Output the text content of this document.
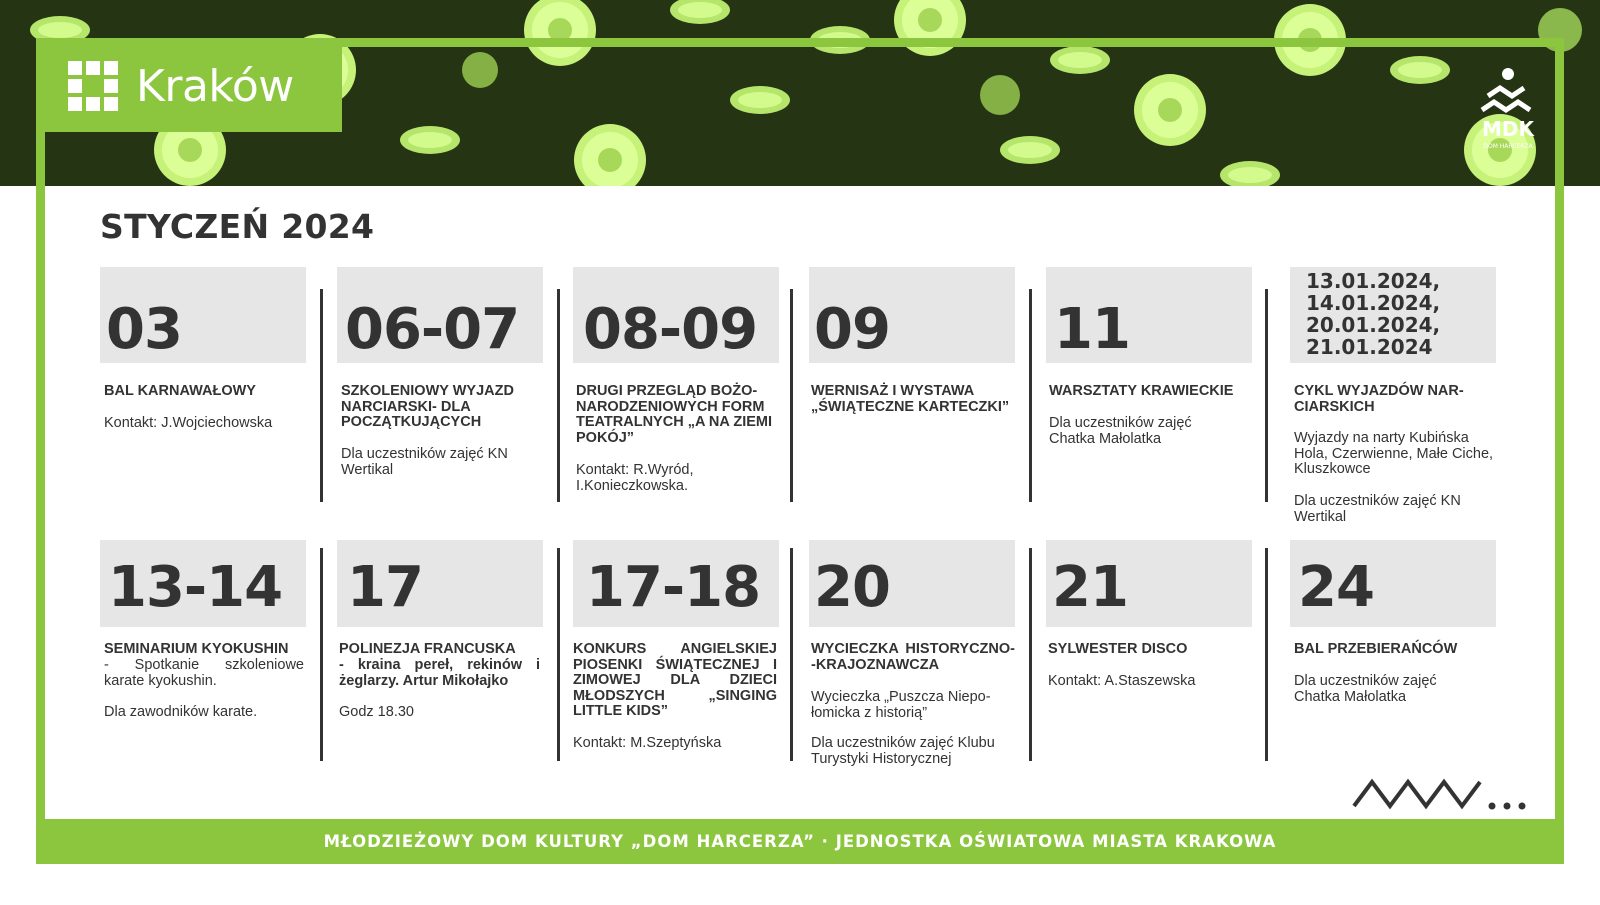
Kraków
MDK
DOM HARCERZA
STYCZEŃ 2024
03
BAL KARNAWAŁOWY
Kontakt: J.Wojciechowska
06-07
SZKOLENIOWY WYJAZD NARCIARSKI- DLA POCZĄTKUJĄCYCH
Dla uczestników zajęć KN Wertikal
08-09
DRUGI PRZEGLĄD BOŻO- NARODZENIOWYCH FORM TEATRALNYCH „A NA ZIEMI POKÓJ”
Kontakt: R.Wyród, I.Konieczkowska.
09
WERNISAŻ I WYSTAWA „ŚWIĄTECZNE KARTECZKI”
11
WARSZTATY KRAWIECKIE
Dla uczestników zajęć Chatka Małolatka
13.01.2024, 14.01.2024, 20.01.2024, 21.01.2024
CYKL WYJAZDÓW NAR- CIARSKICH
Wyjazdy na narty Kubińska Hola, Czerwienne, Małe Ciche, Kluszkowce
Dla uczestników zajęć KN Wertikal
13-14
SEMINARIUM KYOKUSHIN
- Spotkanie szkoleniowe karate kyokushin.
Dla zawodników karate.
17
POLINEZJA FRANCUSKA
- kraina pereł, rekinów i żeglarzy. Artur Mikołajko
Godz 18.30
17-18
KONKURS ANGIELSKIEJ PIOSENKI ŚWIĄTECZNEJ I ZIMOWEJ DLA DZIECI MŁODSZYCH „SINGING LITTLE KIDS”
Kontakt: M.Szeptyńska
20
WYCIECZKA HISTORYCZNO- -KRAJOZNAWCZA
Wycieczka „Puszcza Niepo- łomicka z historią”
Dla uczestników zajęć Klubu Turystyki Historycznej
21
SYLWESTER DISCO
Kontakt: A.Staszewska
24
BAL PRZEBIERAŃCÓW
Dla uczestników zajęć Chatka Małolatka
MŁODZIEŻOWY DOM KULTURY „DOM HARCERZA” · JEDNOSTKA OŚWIATOWA MIASTA KRAKOWA
